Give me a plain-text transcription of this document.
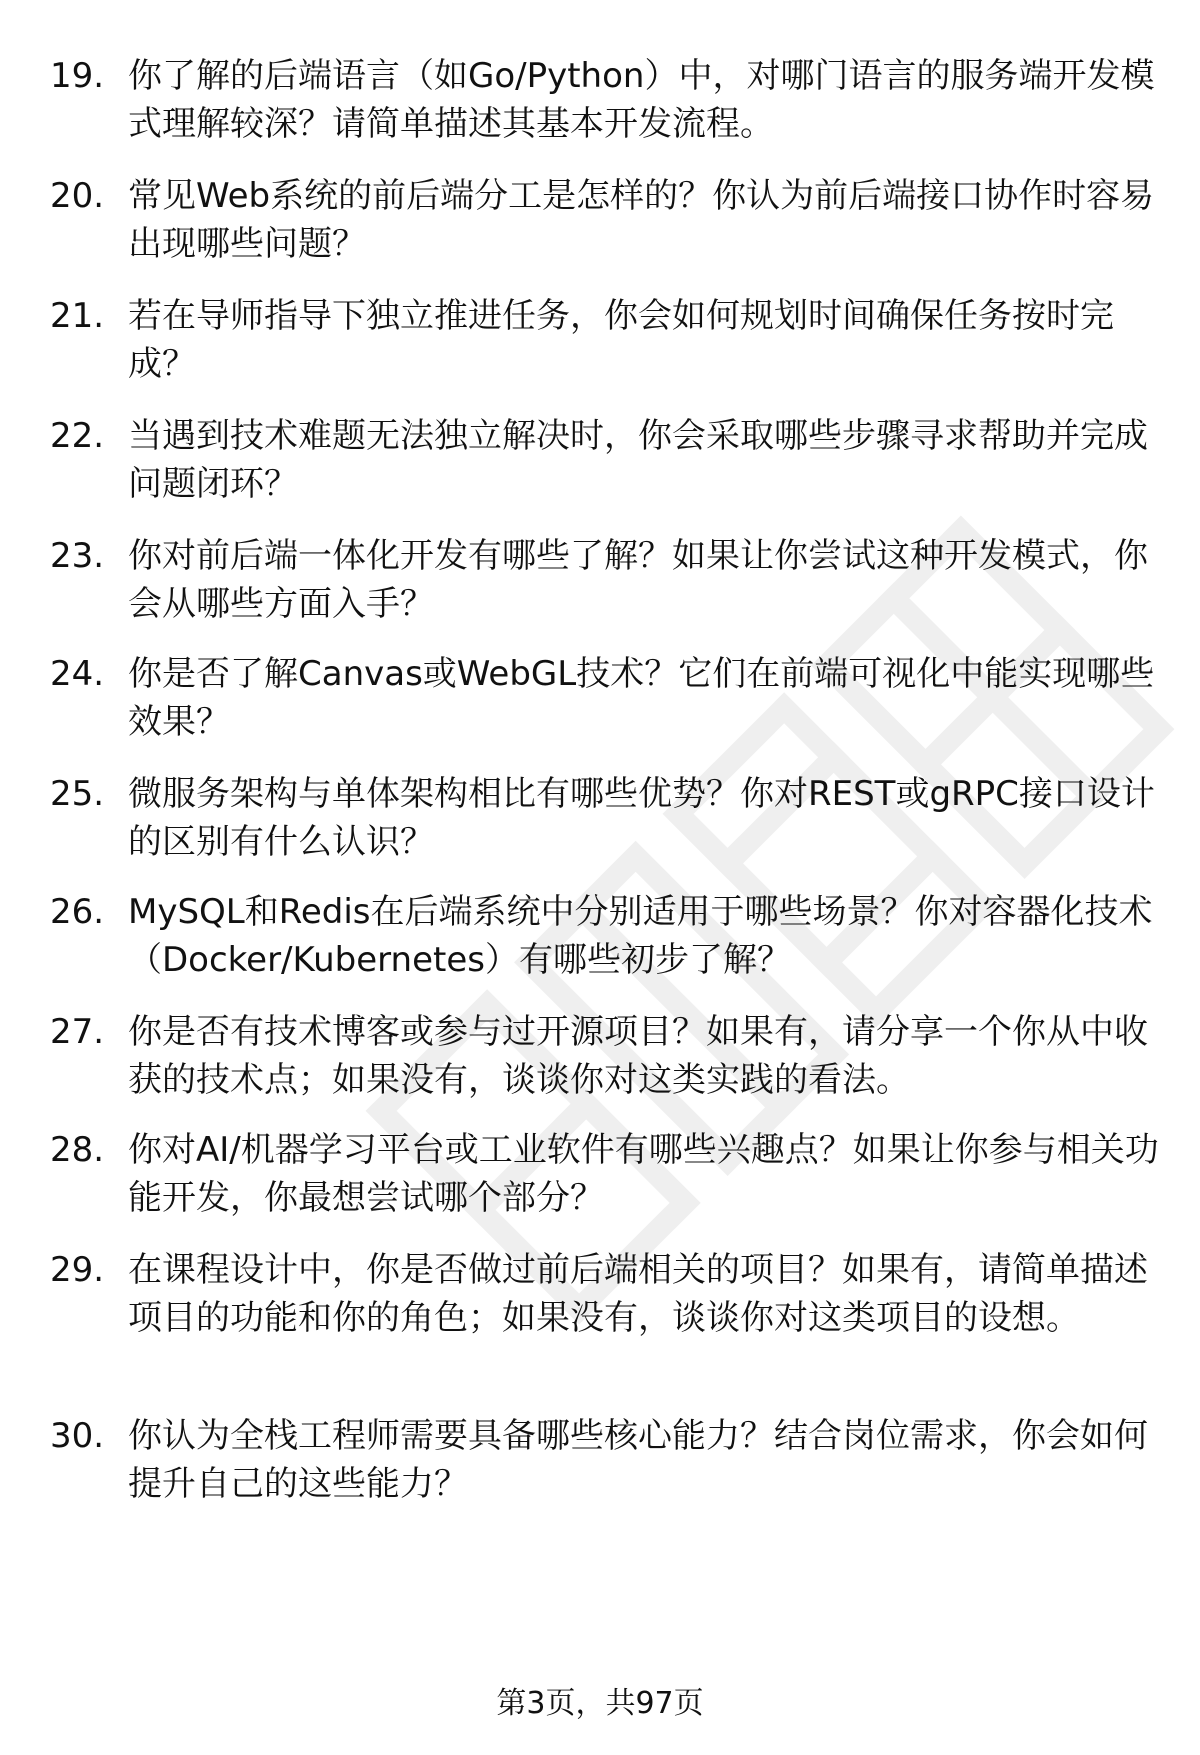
19. 你了解的后端语言（如Go/Python）中，对哪门语言的服务端开发模式理解较深？请简单描述其基本开发流程。
20. 常见Web系统的前后端分工是怎样的？你认为前后端接口协作时容易出现哪些问题？
21. 若在导师指导下独立推进任务，你会如何规划时间确保任务按时完成？
22. 当遇到技术难题无法独立解决时，你会采取哪些步骤寻求帮助并完成问题闭环？
23. 你对前后端一体化开发有哪些了解？如果让你尝试这种开发模式，你会从哪些方面入手？
24. 你是否了解Canvas或WebGL技术？它们在前端可视化中能实现哪些效果？
25. 微服务架构与单体架构相比有哪些优势？你对REST或gRPC接口设计的区别有什么认识？
26. MySQL和Redis在后端系统中分别适用于哪些场景？你对容器化技术（Docker/Kubernetes）有哪些初步了解？
27. 你是否有技术博客或参与过开源项目？如果有，请分享一个你从中收获的技术点；如果没有，谈谈你对这类实践的看法。
28. 你对AI/机器学习平台或工业软件有哪些兴趣点？如果让你参与相关功能开发，你最想尝试哪个部分？
29. 在课程设计中，你是否做过前后端相关的项目？如果有，请简单描述项目的功能和你的角色；如果没有，谈谈你对这类项目的设想。
30. 你认为全栈工程师需要具备哪些核心能力？结合岗位需求，你会如何提升自己的这些能力？
第3页，共97页
